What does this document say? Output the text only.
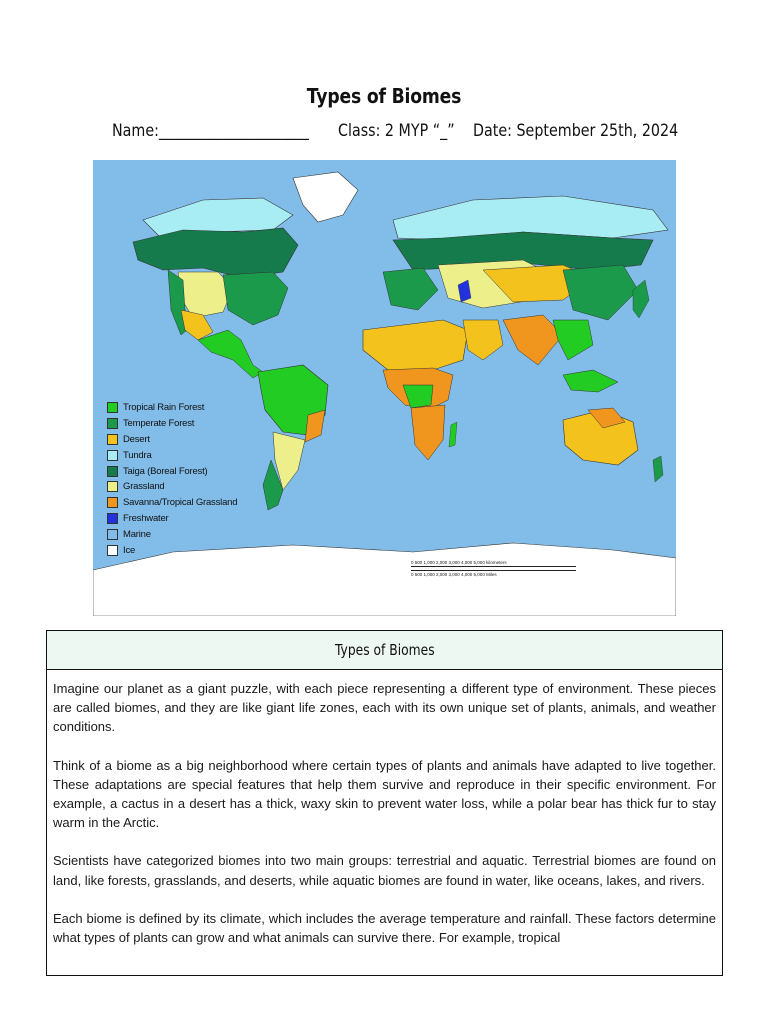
Types of Biomes
Name:_____________________ Class: 2 MYP “_” Date: September 25th, 2024
Tropical Rain Forest
Temperate Forest
Desert
Tundra
Taiga (Boreal Forest)
Grassland
Savanna/Tropical Grassland
Freshwater
Marine
Ice
0 500 1,000 2,000 3,000 4,000 5,000 kilometers
0 500 1,000 2,000 3,000 4,000 5,000 Miles
Types of Biomes

Imagine our planet as a giant puzzle, with each piece representing a different type of environment. These pieces are called biomes, and they are like giant life zones, each with its own unique set of plants, animals, and weather conditions.

Think of a biome as a big neighborhood where certain types of plants and animals have adapted to live together. These adaptations are special features that help them survive and reproduce in their specific environment. For example, a cactus in a desert has a thick, waxy skin to prevent water loss, while a polar bear has thick fur to stay warm in the Arctic.

Scientists have categorized biomes into two main groups: terrestrial and aquatic. Terrestrial biomes are found on land, like forests, grasslands, and deserts, while aquatic biomes are found in water, like oceans, lakes, and rivers.

Each biome is defined by its climate, which includes the average temperature and rainfall. These factors determine what types of plants can grow and what animals can survive there. For example, tropical
